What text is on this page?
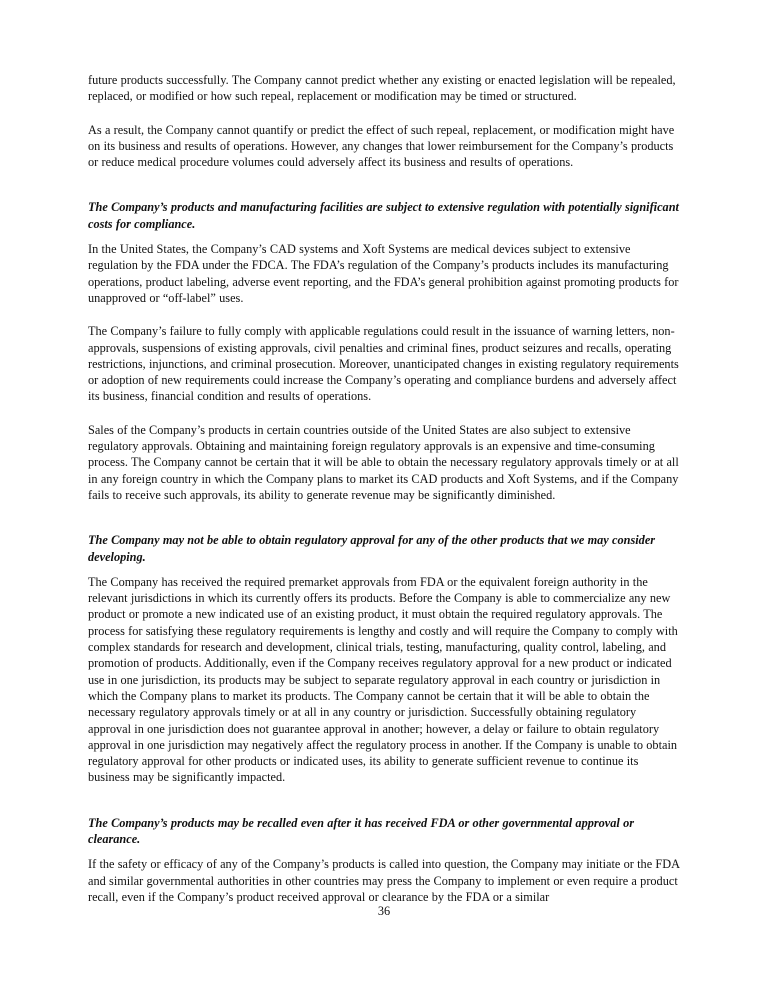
future products successfully. The Company cannot predict whether any existing or enacted legislation will be repealed, replaced, or modified or how such repeal, replacement or modification may be timed or structured.

As a result, the Company cannot quantify or predict the effect of such repeal, replacement, or modification might have on its business and results of operations. However, any changes that lower reimbursement for the Company’s products or reduce medical procedure volumes could adversely affect its business and results of operations.

The Company’s products and manufacturing facilities are subject to extensive regulation with potentially significant costs for compliance.

In the United States, the Company’s CAD systems and Xoft Systems are medical devices subject to extensive regulation by the FDA under the FDCA. The FDA’s regulation of the Company’s products includes its manufacturing operations, product labeling, adverse event reporting, and the FDA’s general prohibition against promoting products for unapproved or “off-label” uses.

The Company’s failure to fully comply with applicable regulations could result in the issuance of warning letters, non-approvals, suspensions of existing approvals, civil penalties and criminal fines, product seizures and recalls, operating restrictions, injunctions, and criminal prosecution. Moreover, unanticipated changes in existing regulatory requirements or adoption of new requirements could increase the Company’s operating and compliance burdens and adversely affect its business, financial condition and results of operations.

Sales of the Company’s products in certain countries outside of the United States are also subject to extensive regulatory approvals. Obtaining and maintaining foreign regulatory approvals is an expensive and time-consuming process. The Company cannot be certain that it will be able to obtain the necessary regulatory approvals timely or at all in any foreign country in which the Company plans to market its CAD products and Xoft Systems, and if the Company fails to receive such approvals, its ability to generate revenue may be significantly diminished.

The Company may not be able to obtain regulatory approval for any of the other products that we may consider developing.

The Company has received the required premarket approvals from FDA or the equivalent foreign authority in the relevant jurisdictions in which its currently offers its products. Before the Company is able to commercialize any new product or promote a new indicated use of an existing product, it must obtain the required regulatory approvals. The process for satisfying these regulatory requirements is lengthy and costly and will require the Company to comply with complex standards for research and development, clinical trials, testing, manufacturing, quality control, labeling, and promotion of products. Additionally, even if the Company receives regulatory approval for a new product or indicated use in one jurisdiction, its products may be subject to separate regulatory approval in each country or jurisdiction in which the Company plans to market its products. The Company cannot be certain that it will be able to obtain the necessary regulatory approvals timely or at all in any country or jurisdiction. Successfully obtaining regulatory approval in one jurisdiction does not guarantee approval in another; however, a delay or failure to obtain regulatory approval in one jurisdiction may negatively affect the regulatory process in another. If the Company is unable to obtain regulatory approval for other products or indicated uses, its ability to generate sufficient revenue to continue its business may be significantly impacted.

The Company’s products may be recalled even after it has received FDA or other governmental approval or clearance.

If the safety or efficacy of any of the Company’s products is called into question, the Company may initiate or the FDA and similar governmental authorities in other countries may press the Company to implement or even require a product recall, even if the Company’s product received approval or clearance by the FDA or a similar

36
